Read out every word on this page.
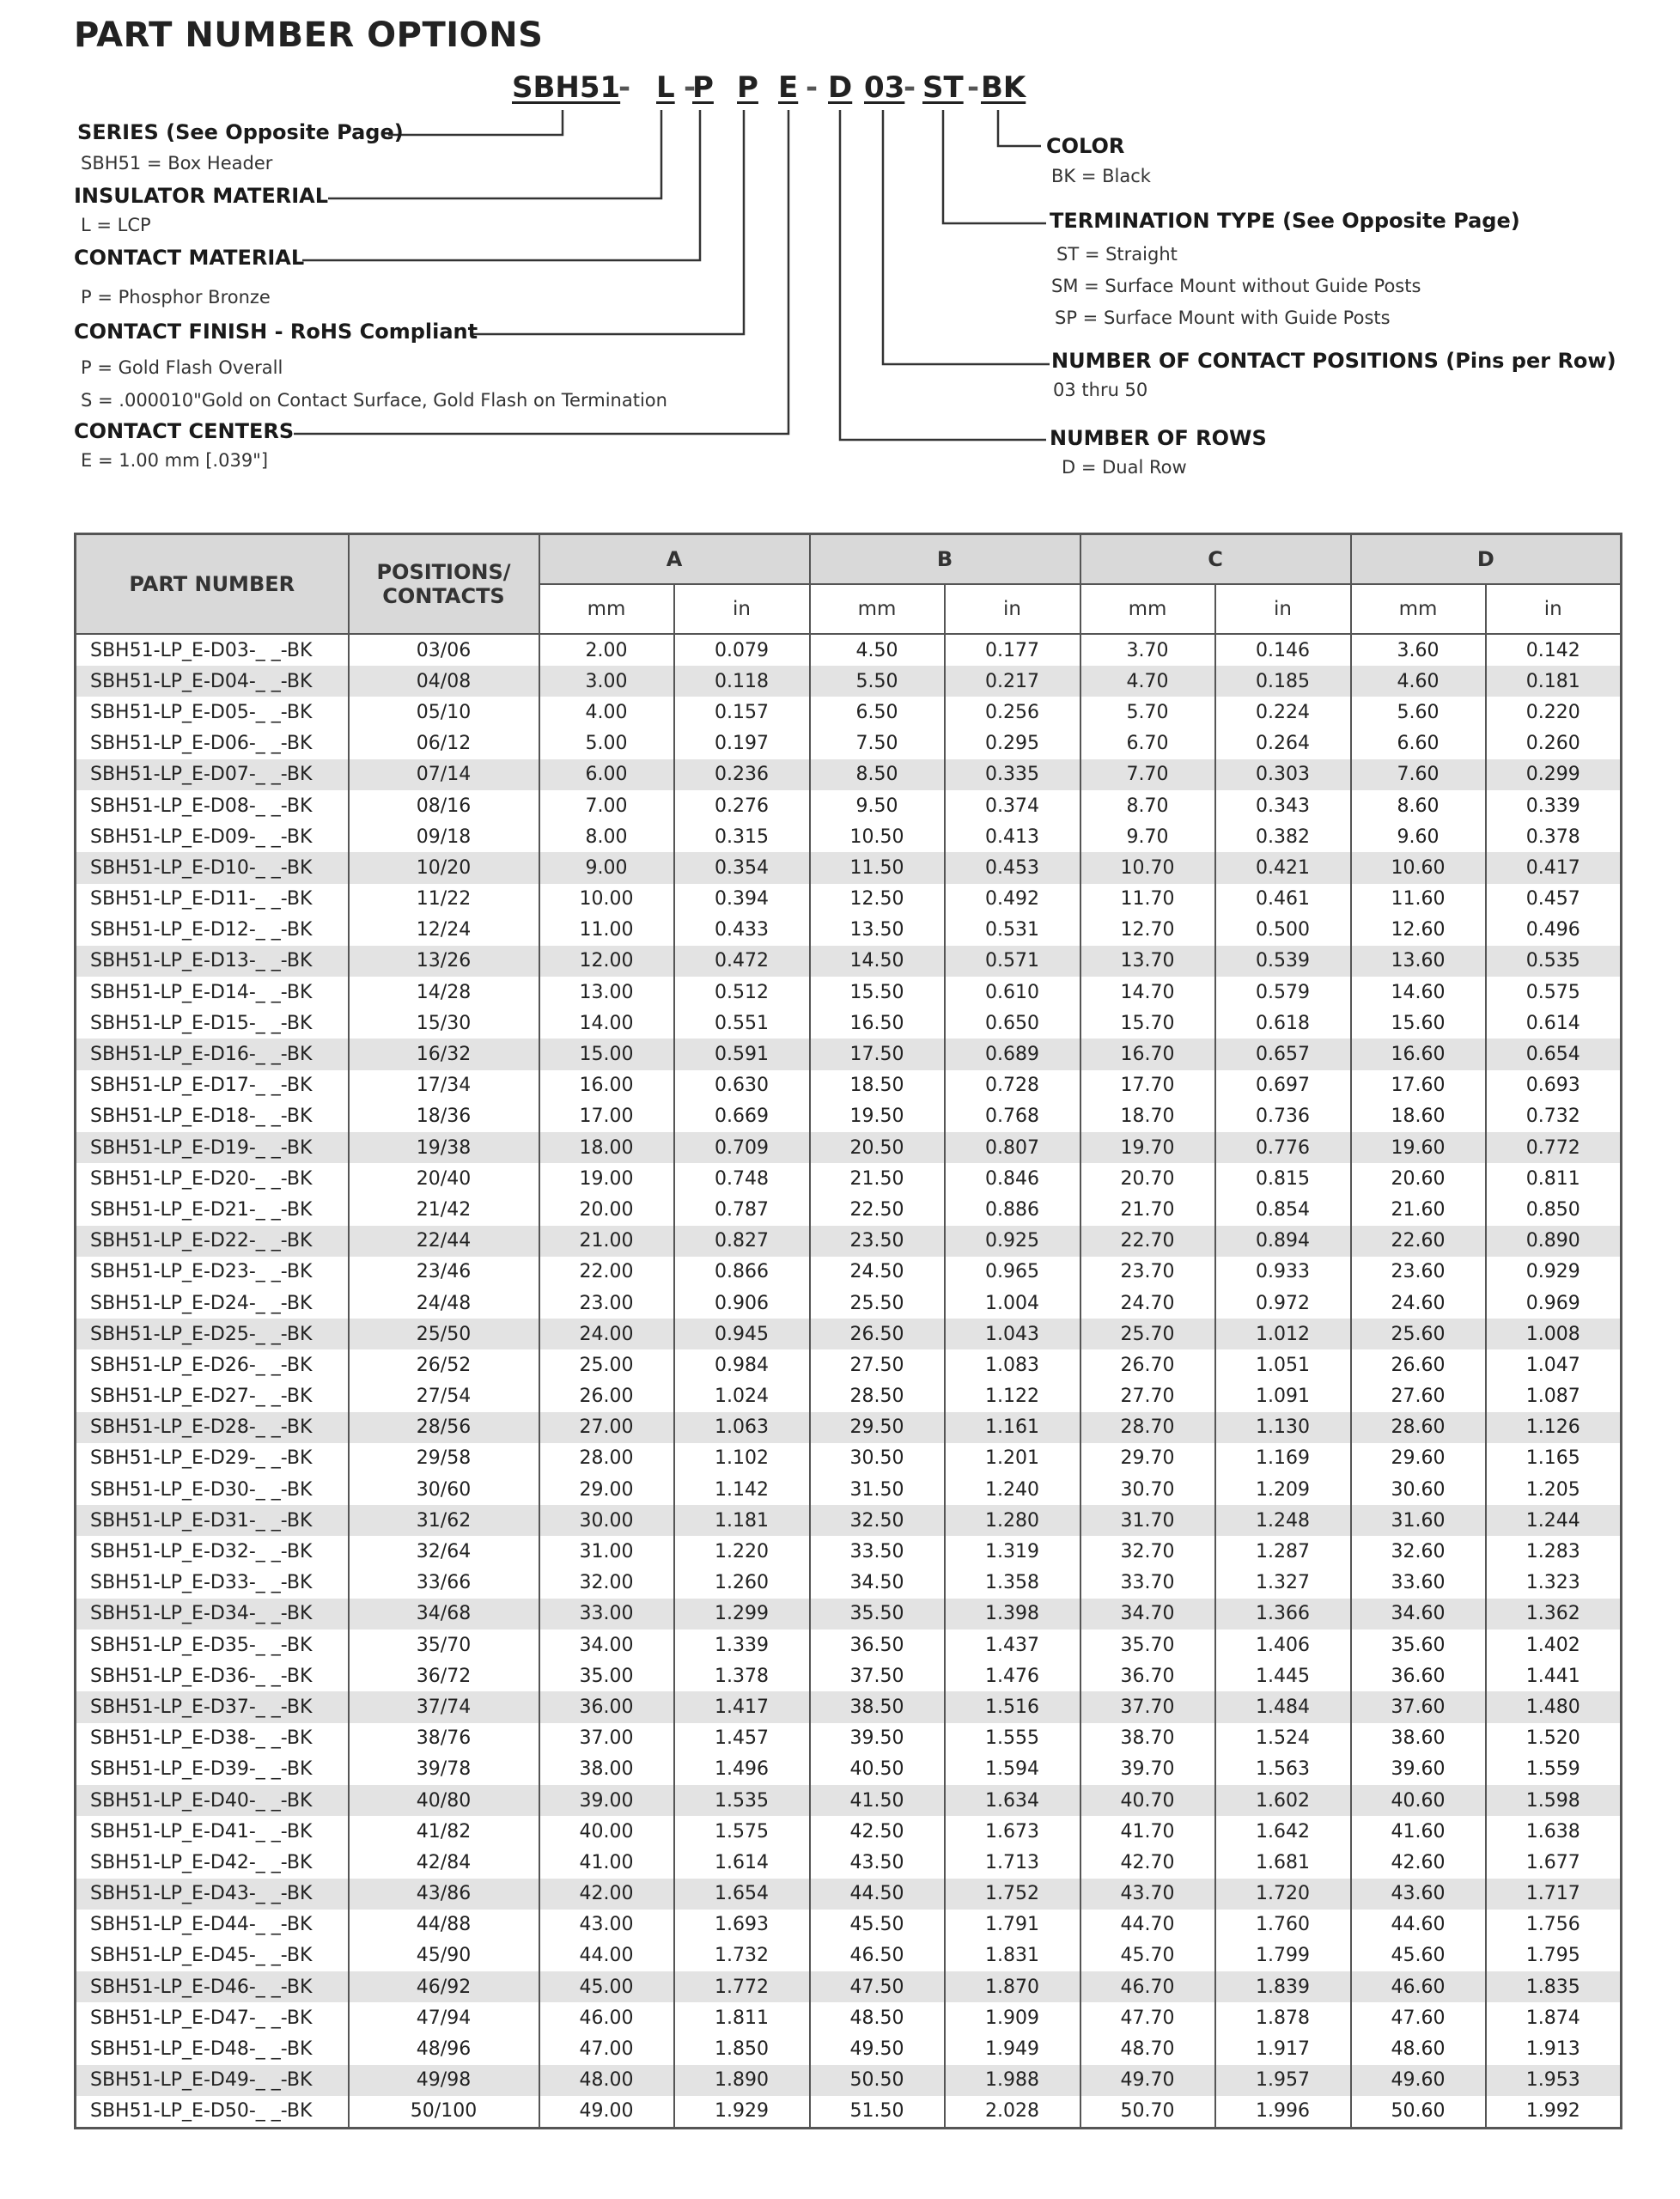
PART NUMBER OPTIONS
SBH51
- L -
P P E - D 03
- ST - BK
SERIES (See Opposite Page)
SBH51 = Box Header
INSULATOR MATERIAL
L = LCP
CONTACT MATERIAL
P = Phosphor Bronze
CONTACT FINISH - RoHS Compliant
P = Gold Flash Overall
S = .000010"Gold on Contact Surface, Gold Flash on Termination
CONTACT CENTERS
E = 1.00 mm [.039"]
COLOR
BK = Black
TERMINATION TYPE (See Opposite Page)
ST = Straight
SM = Surface Mount without Guide Posts
SP = Surface Mount with Guide Posts
NUMBER OF CONTACT POSITIONS (Pins per Row)
03 thru 50
NUMBER OF ROWS
D = Dual Row
PART NUMBER	POSITIONS/ CONTACTS	A		B		C		D	
		mm	in	mm	in	mm	in	mm	in
SBH51-LP_E-D03-_ _-BK	03/06	2.00	0.079	4.50	0.177	3.70	0.146	3.60	0.142
SBH51-LP_E-D04-_ _-BK	04/08	3.00	0.118	5.50	0.217	4.70	0.185	4.60	0.181
SBH51-LP_E-D05-_ _-BK	05/10	4.00	0.157	6.50	0.256	5.70	0.224	5.60	0.220
SBH51-LP_E-D06-_ _-BK	06/12	5.00	0.197	7.50	0.295	6.70	0.264	6.60	0.260
SBH51-LP_E-D07-_ _-BK	07/14	6.00	0.236	8.50	0.335	7.70	0.303	7.60	0.299
SBH51-LP_E-D08-_ _-BK	08/16	7.00	0.276	9.50	0.374	8.70	0.343	8.60	0.339
SBH51-LP_E-D09-_ _-BK	09/18	8.00	0.315	10.50	0.413	9.70	0.382	9.60	0.378
SBH51-LP_E-D10-_ _-BK	10/20	9.00	0.354	11.50	0.453	10.70	0.421	10.60	0.417
SBH51-LP_E-D11-_ _-BK	11/22	10.00	0.394	12.50	0.492	11.70	0.461	11.60	0.457
SBH51-LP_E-D12-_ _-BK	12/24	11.00	0.433	13.50	0.531	12.70	0.500	12.60	0.496
SBH51-LP_E-D13-_ _-BK	13/26	12.00	0.472	14.50	0.571	13.70	0.539	13.60	0.535
SBH51-LP_E-D14-_ _-BK	14/28	13.00	0.512	15.50	0.610	14.70	0.579	14.60	0.575
SBH51-LP_E-D15-_ _-BK	15/30	14.00	0.551	16.50	0.650	15.70	0.618	15.60	0.614
SBH51-LP_E-D16-_ _-BK	16/32	15.00	0.591	17.50	0.689	16.70	0.657	16.60	0.654
SBH51-LP_E-D17-_ _-BK	17/34	16.00	0.630	18.50	0.728	17.70	0.697	17.60	0.693
SBH51-LP_E-D18-_ _-BK	18/36	17.00	0.669	19.50	0.768	18.70	0.736	18.60	0.732
SBH51-LP_E-D19-_ _-BK	19/38	18.00	0.709	20.50	0.807	19.70	0.776	19.60	0.772
SBH51-LP_E-D20-_ _-BK	20/40	19.00	0.748	21.50	0.846	20.70	0.815	20.60	0.811
SBH51-LP_E-D21-_ _-BK	21/42	20.00	0.787	22.50	0.886	21.70	0.854	21.60	0.850
SBH51-LP_E-D22-_ _-BK	22/44	21.00	0.827	23.50	0.925	22.70	0.894	22.60	0.890
SBH51-LP_E-D23-_ _-BK	23/46	22.00	0.866	24.50	0.965	23.70	0.933	23.60	0.929
SBH51-LP_E-D24-_ _-BK	24/48	23.00	0.906	25.50	1.004	24.70	0.972	24.60	0.969
SBH51-LP_E-D25-_ _-BK	25/50	24.00	0.945	26.50	1.043	25.70	1.012	25.60	1.008
SBH51-LP_E-D26-_ _-BK	26/52	25.00	0.984	27.50	1.083	26.70	1.051	26.60	1.047
SBH51-LP_E-D27-_ _-BK	27/54	26.00	1.024	28.50	1.122	27.70	1.091	27.60	1.087
SBH51-LP_E-D28-_ _-BK	28/56	27.00	1.063	29.50	1.161	28.70	1.130	28.60	1.126
SBH51-LP_E-D29-_ _-BK	29/58	28.00	1.102	30.50	1.201	29.70	1.169	29.60	1.165
SBH51-LP_E-D30-_ _-BK	30/60	29.00	1.142	31.50	1.240	30.70	1.209	30.60	1.205
SBH51-LP_E-D31-_ _-BK	31/62	30.00	1.181	32.50	1.280	31.70	1.248	31.60	1.244
SBH51-LP_E-D32-_ _-BK	32/64	31.00	1.220	33.50	1.319	32.70	1.287	32.60	1.283
SBH51-LP_E-D33-_ _-BK	33/66	32.00	1.260	34.50	1.358	33.70	1.327	33.60	1.323
SBH51-LP_E-D34-_ _-BK	34/68	33.00	1.299	35.50	1.398	34.70	1.366	34.60	1.362
SBH51-LP_E-D35-_ _-BK	35/70	34.00	1.339	36.50	1.437	35.70	1.406	35.60	1.402
SBH51-LP_E-D36-_ _-BK	36/72	35.00	1.378	37.50	1.476	36.70	1.445	36.60	1.441
SBH51-LP_E-D37-_ _-BK	37/74	36.00	1.417	38.50	1.516	37.70	1.484	37.60	1.480
SBH51-LP_E-D38-_ _-BK	38/76	37.00	1.457	39.50	1.555	38.70	1.524	38.60	1.520
SBH51-LP_E-D39-_ _-BK	39/78	38.00	1.496	40.50	1.594	39.70	1.563	39.60	1.559
SBH51-LP_E-D40-_ _-BK	40/80	39.00	1.535	41.50	1.634	40.70	1.602	40.60	1.598
SBH51-LP_E-D41-_ _-BK	41/82	40.00	1.575	42.50	1.673	41.70	1.642	41.60	1.638
SBH51-LP_E-D42-_ _-BK	42/84	41.00	1.614	43.50	1.713	42.70	1.681	42.60	1.677
SBH51-LP_E-D43-_ _-BK	43/86	42.00	1.654	44.50	1.752	43.70	1.720	43.60	1.717
SBH51-LP_E-D44-_ _-BK	44/88	43.00	1.693	45.50	1.791	44.70	1.760	44.60	1.756
SBH51-LP_E-D45-_ _-BK	45/90	44.00	1.732	46.50	1.831	45.70	1.799	45.60	1.795
SBH51-LP_E-D46-_ _-BK	46/92	45.00	1.772	47.50	1.870	46.70	1.839	46.60	1.835
SBH51-LP_E-D47-_ _-BK	47/94	46.00	1.811	48.50	1.909	47.70	1.878	47.60	1.874
SBH51-LP_E-D48-_ _-BK	48/96	47.00	1.850	49.50	1.949	48.70	1.917	48.60	1.913
SBH51-LP_E-D49-_ _-BK	49/98	48.00	1.890	50.50	1.988	49.70	1.957	49.60	1.953
SBH51-LP_E-D50-_ _-BK	50/100	49.00	1.929	51.50	2.028	50.70	1.996	50.60	1.992
